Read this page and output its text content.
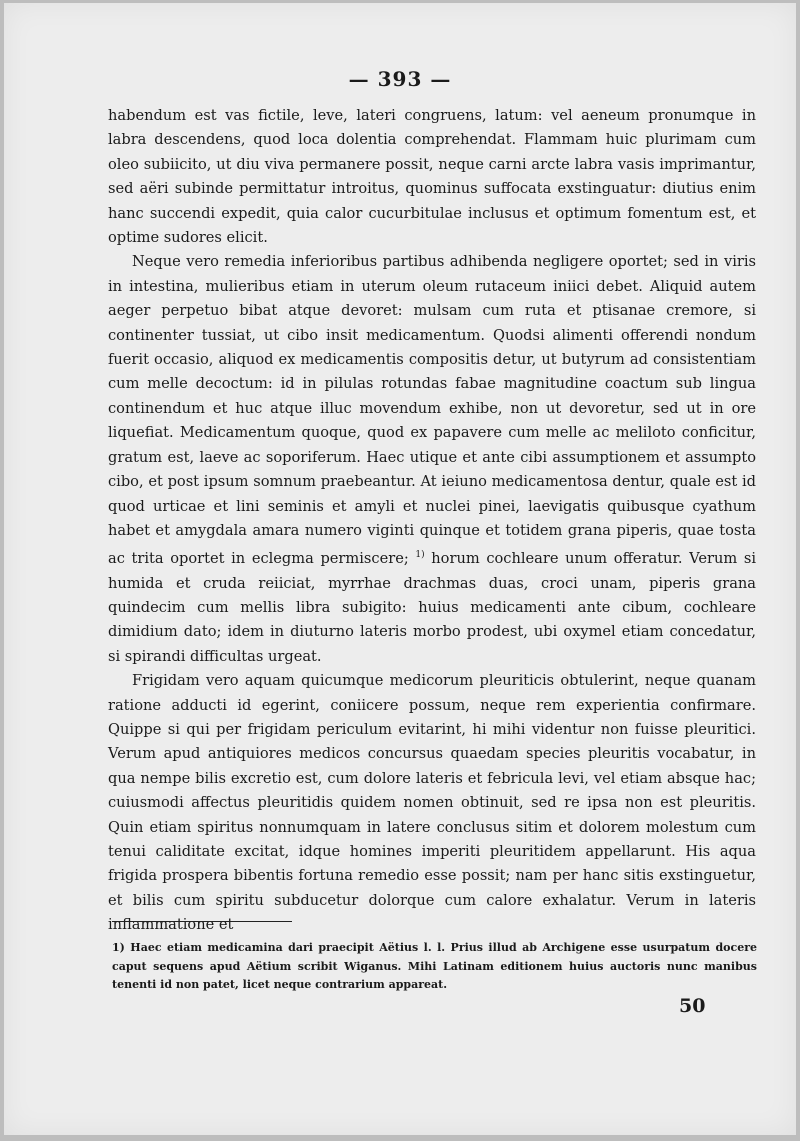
— 393 —

habendum est vas fictile, leve, lateri congruens, latum: vel aeneum pronumque in labra descendens, quod loca dolentia comprehendat. Flammam huic plurimam cum oleo subiicito, ut diu viva permanere possit, neque carni arcte labra vasis imprimantur, sed aëri subinde permittatur introitus, quominus suffocata exstinguatur: diutius enim hanc succendi expedit, quia calor cucurbitulae inclusus et optimum fomentum est, et optime sudores elicit.

Neque vero remedia inferioribus partibus adhibenda negligere oportet; sed in viris in intestina, mulieribus etiam in uterum oleum rutaceum iniici debet. Aliquid autem aeger perpetuo bibat atque devoret: mulsam cum ruta et ptisanae cremore, si continenter tussiat, ut cibo insit medicamentum. Quodsi alimenti offerendi nondum fuerit occasio, aliquod ex medicamentis compositis detur, ut butyrum ad consistentiam cum melle decoctum: id in pilulas rotundas fabae magnitudine coactum sub lingua continendum et huc atque illuc movendum exhibe, non ut devoretur, sed ut in ore liquefiat. Medicamentum quoque, quod ex papavere cum melle ac meliloto conficitur, gratum est, laeve ac soporiferum. Haec utique et ante cibi assumptionem et assumpto cibo, et post ipsum somnum praebeantur. At ieiuno medicamentosa dentur, quale est id quod urticae et lini seminis et amyli et nuclei pinei, laevigatis quibusque cyathum habet et amygdala amara numero viginti quinque et totidem grana piperis, quae tosta ac trita oportet in eclegma permiscere; $^{1)}$ horum cochleare unum offeratur. Verum si humida et cruda reiiciat, myrrhae drachmas duas, croci unam, piperis grana quindecim cum mellis libra subigito: huius medicamenti ante cibum, cochleare dimidium dato; idem in diuturno lateris morbo prodest, ubi oxymel etiam concedatur, si spirandi difficultas urgeat.

Frigidam vero aquam quicumque medicorum pleuriticis obtulerint, neque quanam ratione adducti id egerint, coniicere possum, neque rem experientia confirmare. Quippe si qui per frigidam periculum evitarint, hi mihi videntur non fuisse pleuritici. Verum apud antiquiores medicos concursus quaedam species pleuritis vocabatur, in qua nempe bilis excretio est, cum dolore lateris et febricula levi, vel etiam absque hac; cuiusmodi affectus pleuritidis quidem nomen obtinuit, sed re ipsa non est pleuritis. Quin etiam spiritus nonnumquam in latere conclusus sitim et dolorem molestum cum tenui caliditate excitat, idque homines imperiti pleuritidem appellarunt. His aqua frigida prospera bibentis fortuna remedio esse possit; nam per hanc sitis exstinguetur, et bilis cum spiritu subducetur dolorque cum calore exhalatur. Verum in lateris inflammatione et

1) Haec etiam medicamina dari praecipit Aëtius l. l. Prius illud ab Archigene esse usurpatum docere caput sequens apud Aëtium scribit Wiganus. Mihi Latinam editionem huius auctoris nunc manibus tenenti id non patet, licet neque contrarium appareat.
50
